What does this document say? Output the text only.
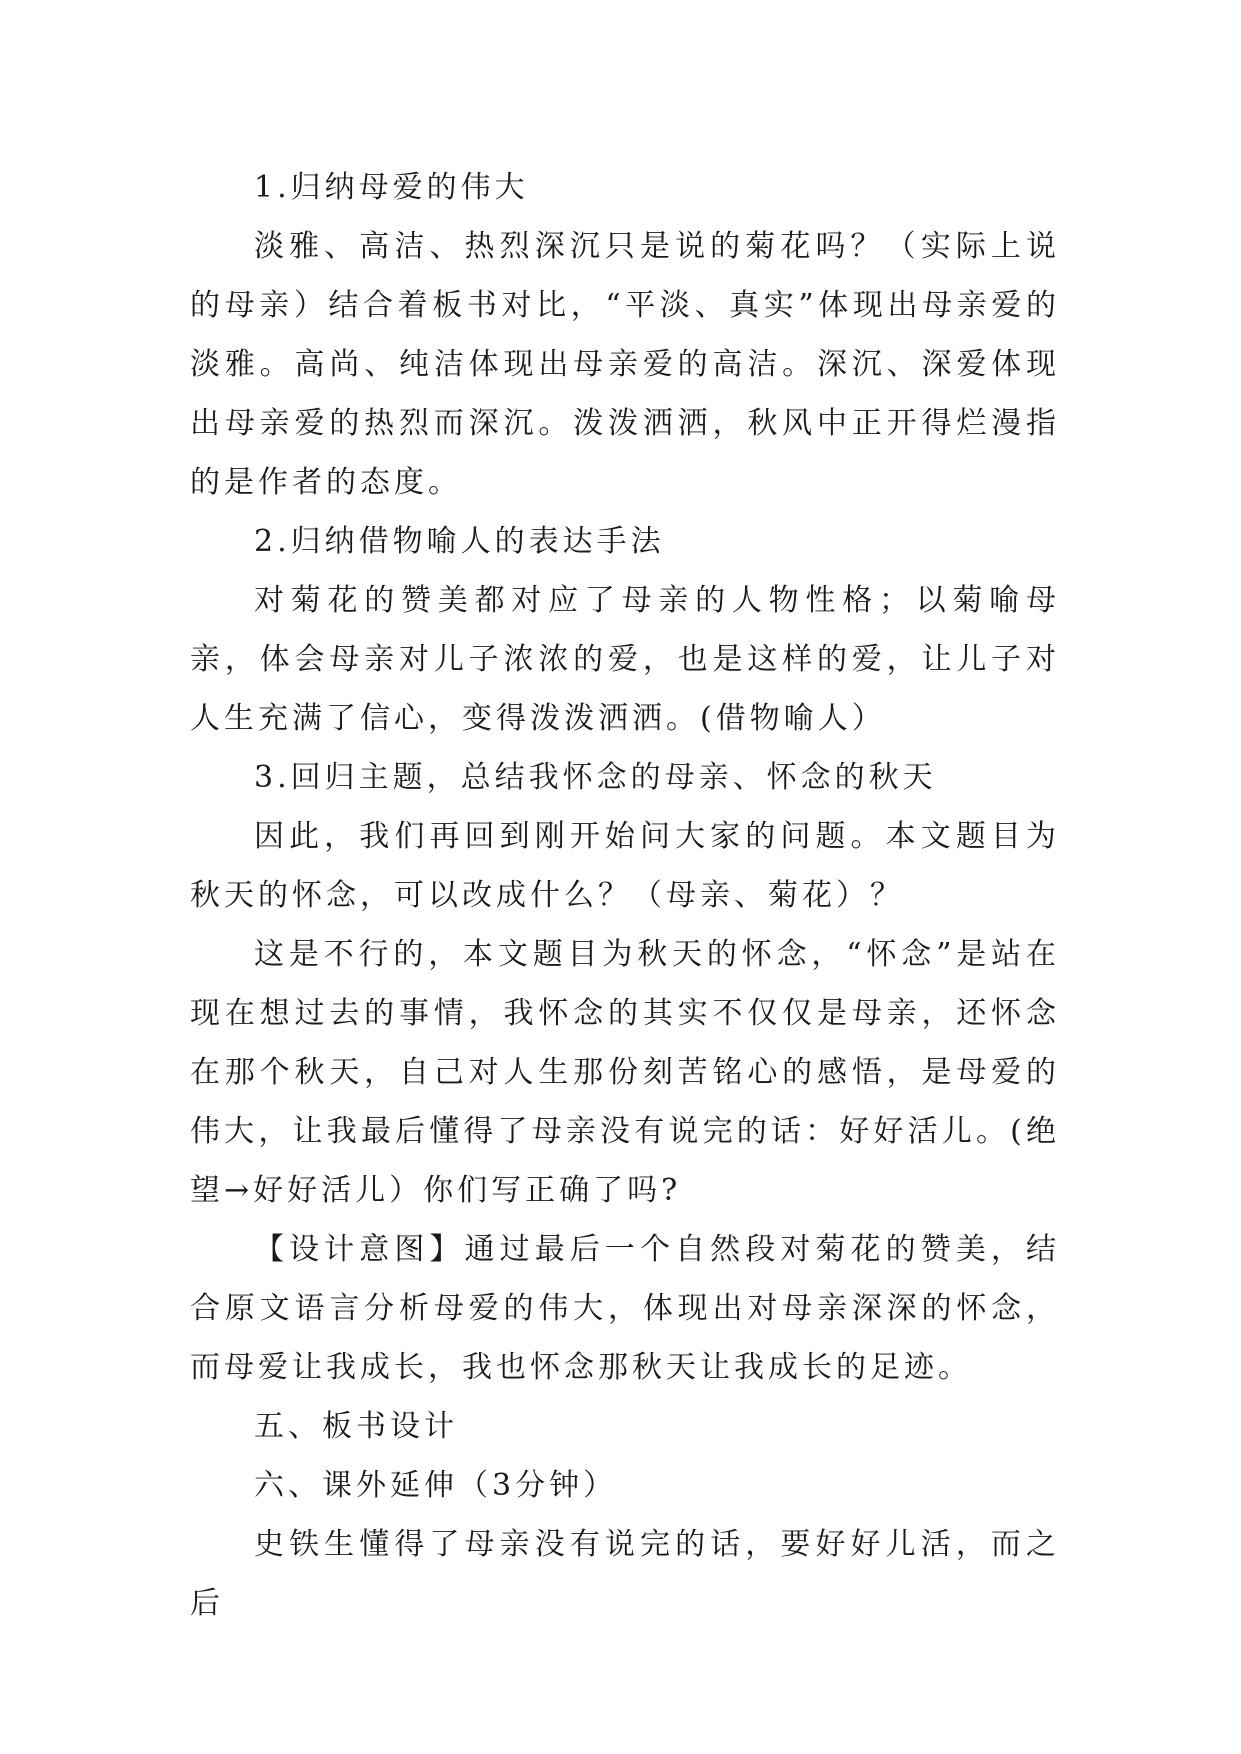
1.归纳母爱的伟大

淡雅、高洁、热烈深沉只是说的菊花吗？（实际上说的母亲）结合着板书对比，“平淡、真实”体现出母亲爱的淡雅。高尚、纯洁体现出母亲爱的高洁。深沉、深爱体现出母亲爱的热烈而深沉。泼泼洒洒，秋风中正开得烂漫指的是作者的态度。

2.归纳借物喻人的表达手法

对菊花的赞美都对应了母亲的人物性格；以菊喻母亲，体会母亲对儿子浓浓的爱，也是这样的爱，让儿子对人生充满了信心，变得泼泼洒洒。(借物喻人）

3.回归主题，总结我怀念的母亲、怀念的秋天

因此，我们再回到刚开始问大家的问题。本文题目为秋天的怀念，可以改成什么？（母亲、菊花）？

这是不行的，本文题目为秋天的怀念，“怀念”是站在现在想过去的事情，我怀念的其实不仅仅是母亲，还怀念在那个秋天，自己对人生那份刻苦铭心的感悟，是母爱的伟大，让我最后懂得了母亲没有说完的话：好好活儿。(绝望→好好活儿）你们写正确了吗?

【设计意图】通过最后一个自然段对菊花的赞美，结合原文语言分析母爱的伟大，体现出对母亲深深的怀念，而母爱让我成长，我也怀念那秋天让我成长的足迹。

五、板书设计

六、课外延伸（3分钟）

史铁生懂得了母亲没有说完的话，要好好儿活，而之后
